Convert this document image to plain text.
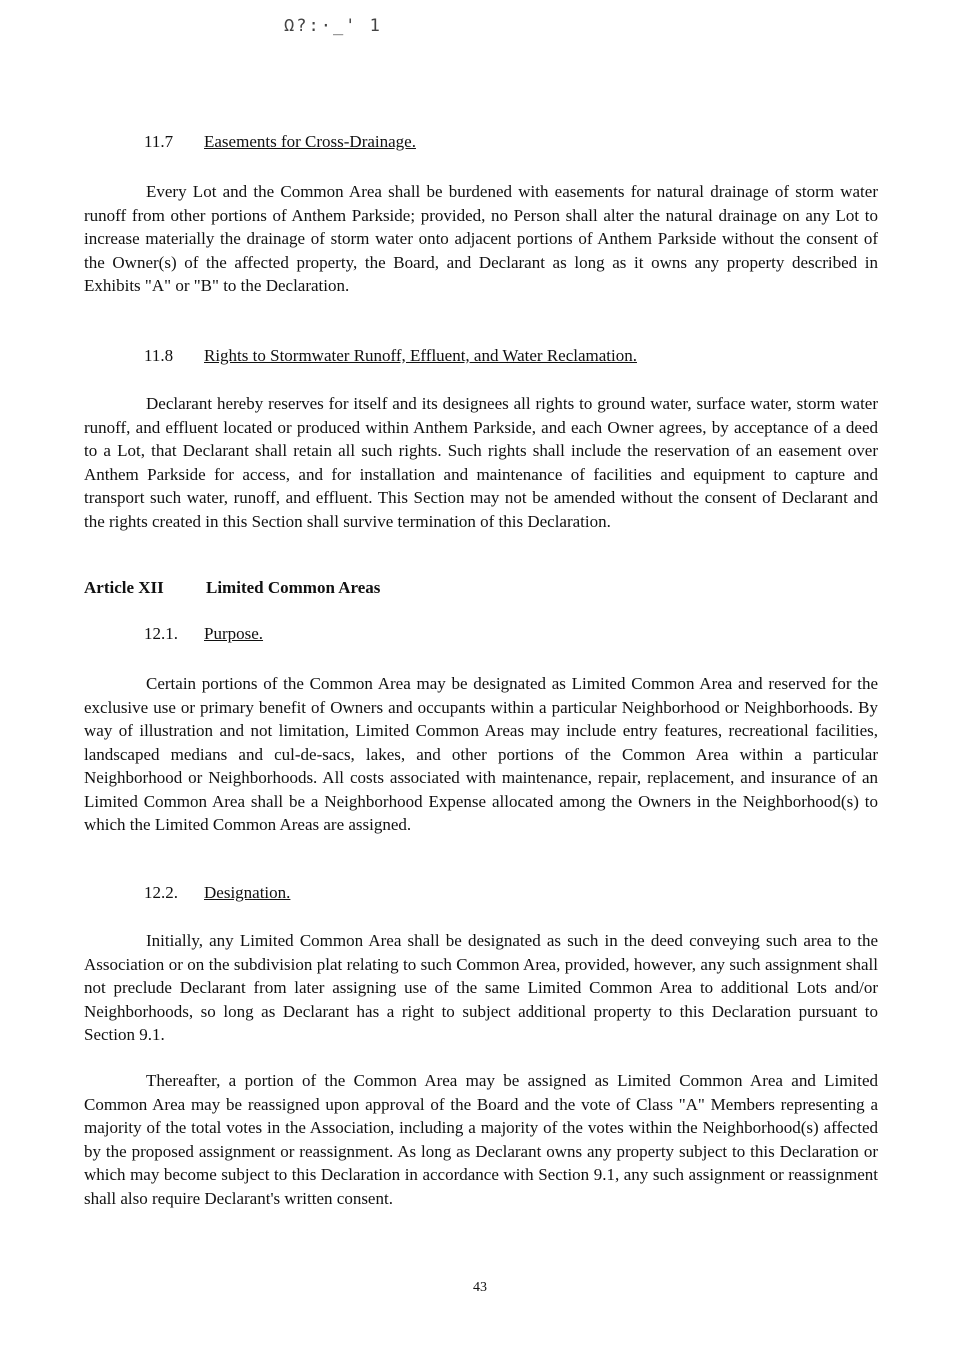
Ω?:·_' 1
11.7 Easements for Cross-Drainage.

Every Lot and the Common Area shall be burdened with easements for natural drainage of storm water runoff from other portions of Anthem Parkside; provided, no Person shall alter the natural drainage on any Lot to increase materially the drainage of storm water onto adjacent portions of Anthem Parkside without the consent of the Owner(s) of the affected property, the Board, and Declarant as long as it owns any property described in Exhibits "A" or "B" to the Declaration.

11.8 Rights to Stormwater Runoff, Effluent, and Water Reclamation.

Declarant hereby reserves for itself and its designees all rights to ground water, surface water, storm water runoff, and effluent located or produced within Anthem Parkside, and each Owner agrees, by acceptance of a deed to a Lot, that Declarant shall retain all such rights. Such rights shall include the reservation of an easement over Anthem Parkside for access, and for installation and maintenance of facilities and equipment to capture and transport such water, runoff, and effluent. This Section may not be amended without the consent of Declarant and the rights created in this Section shall survive termination of this Declaration.

Article XII Limited Common Areas
12.1. Purpose.

Certain portions of the Common Area may be designated as Limited Common Area and reserved for the exclusive use or primary benefit of Owners and occupants within a particular Neighborhood or Neighborhoods. By way of illustration and not limitation, Limited Common Areas may include entry features, recreational facilities, landscaped medians and cul-de-sacs, lakes, and other portions of the Common Area within a particular Neighborhood or Neighborhoods. All costs associated with maintenance, repair, replacement, and insurance of an Limited Common Area shall be a Neighborhood Expense allocated among the Owners in the Neighborhood(s) to which the Limited Common Areas are assigned.

12.2. Designation.

Initially, any Limited Common Area shall be designated as such in the deed conveying such area to the Association or on the subdivision plat relating to such Common Area, provided, however, any such assignment shall not preclude Declarant from later assigning use of the same Limited Common Area to additional Lots and/or Neighborhoods, so long as Declarant has a right to subject additional property to this Declaration pursuant to Section 9.1.

Thereafter, a portion of the Common Area may be assigned as Limited Common Area and Limited Common Area may be reassigned upon approval of the Board and the vote of Class "A" Members representing a majority of the total votes in the Association, including a majority of the votes within the Neighborhood(s) affected by the proposed assignment or reassignment. As long as Declarant owns any property subject to this Declaration or which may become subject to this Declaration in accordance with Section 9.1, any such assignment or reassignment shall also require Declarant's written consent.

43
